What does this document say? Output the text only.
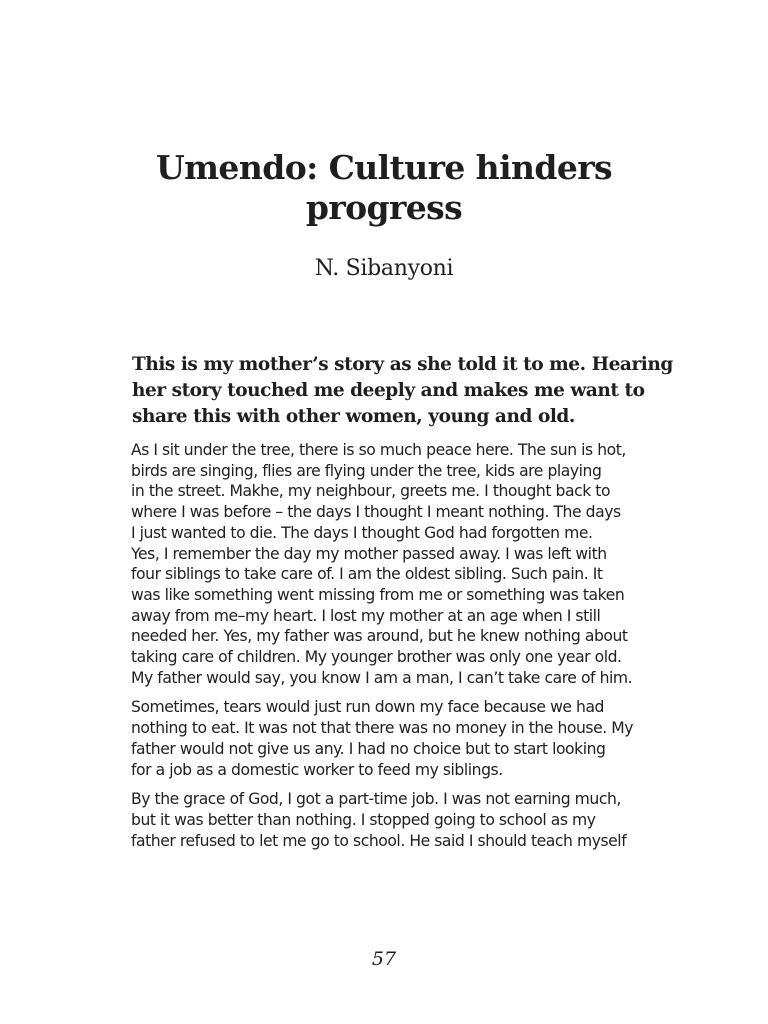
Umendo: Culture hinders
progress

N. Sibanyoni

This is my mother’s story as she told it to me. Hearing
her story touched me deeply and makes me want to
share this with other women, young and old.

As I sit under the tree, there is so much peace here. The sun is hot,
birds are singing, flies are flying under the tree, kids are playing
in the street. Makhe, my neighbour, greets me. I thought back to
where I was before – the days I thought I meant nothing. The days
I just wanted to die. The days I thought God had forgotten me.
Yes, I remember the day my mother passed away. I was left with
four siblings to take care of. I am the oldest sibling. Such pain. It
was like something went missing from me or something was taken
away from me–my heart. I lost my mother at an age when I still
needed her. Yes, my father was around, but he knew nothing about
taking care of children. My younger brother was only one year old.
My father would say, you know I am a man, I can’t take care of him.

Sometimes, tears would just run down my face because we had
nothing to eat. It was not that there was no money in the house. My
father would not give us any. I had no choice but to start looking
for a job as a domestic worker to feed my siblings.

By the grace of God, I got a part-time job. I was not earning much,
but it was better than nothing. I stopped going to school as my
father refused to let me go to school. He said I should teach myself

57
